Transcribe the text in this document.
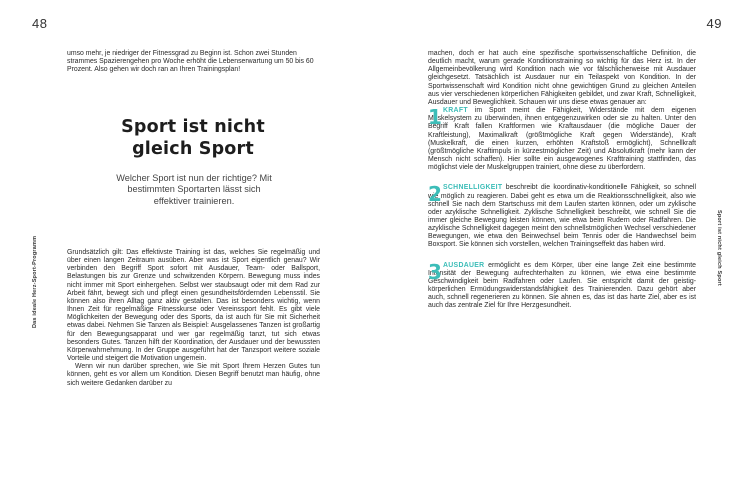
48	49
Das ideale Herz-Sport-Programm	Sport ist nicht gleich Sport

umso mehr, je niedriger der Fitnessgrad zu Beginn ist. Schon zwei Stunden strammes Spazierengehen pro Woche erhöht die Lebenserwartung um 50 bis 60 Prozent. Also gehen wir doch ran an Ihren Trainingsplan!

Sport ist nicht
gleich Sport
Welcher Sport ist nun der richtige? Mit bestimmten Sportarten lässt sich effektiver trainieren.

Grundsätzlich gilt: Das effektivste Training ist das, welches Sie regelmäßig und über einen langen Zeitraum ausüben. Aber was ist Sport eigentlich genau? Wir verbinden den Begriff Sport sofort mit Ausdauer, Team- oder Ballsport, Belastungen bis zur Grenze und schwitzenden Körpern. Bewegung muss indes nicht immer mit Sport einhergehen. Selbst wer staubsaugt oder mit dem Rad zur Arbeit fährt, bewegt sich und pflegt einen gesundheitsfördernden Lebensstil. Sie können also ihren Alltag ganz aktiv gestalten. Das ist besonders wichtig, wenn Ihnen Zeit für regelmäßige Fitnesskurse oder Vereinssport fehlt. Es gibt viele Möglichkeiten der Bewegung oder des Sports, da ist auch für Sie mit Sicherheit etwas dabei. Nehmen Sie Tanzen als Beispiel: Ausgelassenes Tanzen ist großartig für den Bewegungsapparat und wer gar regelmäßig tanzt, tut sich etwas besonders Gutes. Tanzen hilft der Koordination, der Ausdauer und der bewussten Körperwahrnehmung. In der Gruppe ausgeführt hat der Tanzsport weitere soziale Vorteile und steigert die Motivation ungemein.

Wenn wir nun darüber sprechen, wie Sie mit Sport Ihrem Herzen Gutes tun können, geht es vor allem um Kondition. Diesen Begriff benutzt man häufig, ohne sich weitere Gedanken darüber zu

machen, doch er hat auch eine spezifische sportwissenschaftliche Definition, die deutlich macht, warum gerade Konditionstraining so wichtig für das Herz ist. In der Allgemeinbevölkerung wird Kondition nach wie vor fälschlicherweise mit Ausdauer gleichgesetzt. Tatsächlich ist Ausdauer nur ein Teilaspekt von Kondition. In der Sportwissenschaft wird Kondition nicht ohne gewichtigen Grund zu gleichen Anteilen aus vier verschiedenen körperlichen Fähigkeiten gebildet, und zwar Kraft, Schnelligkeit, Ausdauer und Beweglichkeit. Schauen wir uns diese etwas genauer an:

1 KRAFT im Sport meint die Fähigkeit, Widerstände mit dem eigenen Muskelsystem zu überwinden, ihnen entgegenzuwirken oder sie zu halten. Unter den Begriff Kraft fallen Kraftformen wie Kraftausdauer (die mögliche Dauer der Kraftleistung), Maximalkraft (größtmögliche Kraft gegen Widerstände), Kraft (Muskelkraft, die einen kurzen, erhöhten Kraftstoß ermöglicht), Schnellkraft (größtmögliche Kraftimpuls in kürzestmöglicher Zeit) und Absolutkraft (mehr kann der Mensch nicht schaffen). Hier sollte ein ausgewogenes Krafttraining stattfinden, das möglichst viele der Muskelgruppen trainiert, ohne diese zu überfordern.

2 SCHNELLIGKEIT beschreibt die koordinativ-konditionelle Fähigkeit, so schnell wie möglich zu reagieren. Dabei geht es etwa um die Reaktionsschnelligkeit, also wie schnell Sie nach dem Startschuss mit dem Laufen starten können, oder um zyklische oder azyklische Schnelligkeit. Zyklische Schnelligkeit beschreibt, wie schnell Sie die immer gleiche Bewegung leisten können, wie etwa beim Rudern oder Radfahren. Die azyklische Schnelligkeit dagegen meint den schnellstmöglichen Wechsel verschiedener Bewegungen, wie etwa den Beinwechsel beim Tennis oder die Handwechsel beim Boxsport. Sie können sich vorstellen, welchen Trainingseffekt das haben wird.

3 AUSDAUER ermöglicht es dem Körper, über eine lange Zeit eine bestimmte Intensität der Bewegung aufrechterhalten zu können, wie etwa eine bestimmte Geschwindigkeit beim Radfahren oder Laufen. Sie entspricht damit der geistig-körperlichen Ermüdungswiderstandsfähigkeit des Trainierenden. Dazu gehört aber auch, schnell regenerieren zu können. Sie ahnen es, das ist das harte Ziel, aber es ist auch das zentrale Ziel für Ihre Herzgesundheit.
